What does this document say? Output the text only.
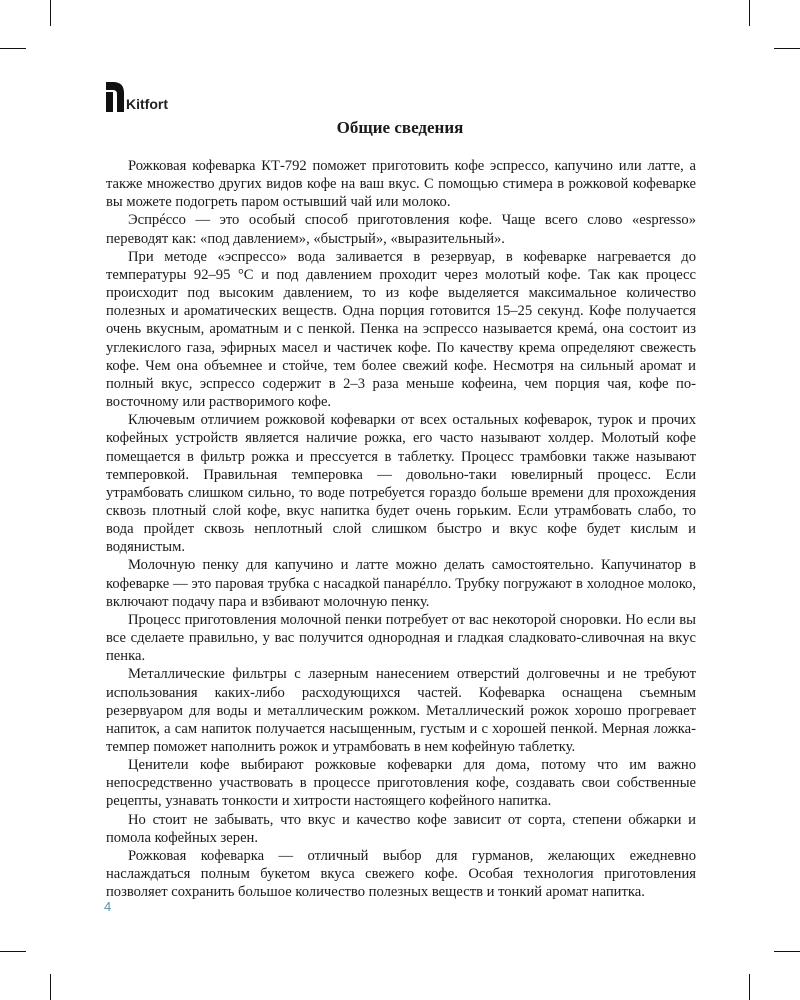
Kitfort
Общие сведения

Рожковая кофеварка КТ-792 поможет приготовить кофе эспрессо, капучино или латте, а также множество других видов кофе на ваш вкус. С помощью стимера в рожковой кофеварке вы можете подогреть паром остывший чай или молоко.

Эспрéссо — это особый способ приготовления кофе. Чаще всего слово «espresso» переводят как: «под давлением», «быстрый», «выразительный».

При методе «эспрессо» вода заливается в резервуар, в кофеварке нагревается до температуры 92–95 °С и под давлением проходит через молотый кофе. Так как процесс происходит под высоким давлением, то из кофе выделяется максимальное количество полезных и ароматических веществ. Одна порция готовится 15–25 секунд. Кофе получается очень вкусным, ароматным и с пенкой. Пенка на эспрессо называется кремá, она состоит из углекислого газа, эфирных масел и частичек кофе. По качеству крема определяют свежесть кофе. Чем она объемнее и стойче, тем более свежий кофе. Несмотря на сильный аромат и полный вкус, эспрессо содержит в 2–3 раза меньше кофеина, чем порция чая, кофе по-восточному или растворимого кофе.

Ключевым отличием рожковой кофеварки от всех остальных кофеварок, турок и прочих кофейных устройств является наличие рожка, его часто называют холдер. Молотый кофе помещается в фильтр рожка и прессуется в таблетку. Процесс трамбовки также называют темперовкой. Правильная темперовка — довольно-таки ювелирный процесс. Если утрамбовать слишком сильно, то воде потребуется гораздо больше времени для прохождения сквозь плотный слой кофе, вкус напитка будет очень горьким. Если утрамбовать слабо, то вода пройдет сквозь неплотный слой слишком быстро и вкус кофе будет кислым и водянистым.

Молочную пенку для капучино и латте можно делать самостоятельно. Капучинатор в кофеварке — это паровая трубка с насадкой панарéлло. Трубку погружают в холодное молоко, включают подачу пара и взбивают молочную пенку.

Процесс приготовления молочной пенки потребует от вас некоторой сноровки. Но если вы все сделаете правильно, у вас получится однородная и гладкая сладковато-сливочная на вкус пенка.

Металлические фильтры с лазерным нанесением отверстий долговечны и не требуют использования каких-либо расходующихся частей. Кофеварка оснащена съемным резервуаром для воды и металлическим рожком. Металлический рожок хорошо прогревает напиток, а сам напиток получается насыщенным, густым и с хорошей пенкой. Мерная ложка-темпер поможет наполнить рожок и утрамбовать в нем кофейную таблетку.

Ценители кофе выбирают рожковые кофеварки для дома, потому что им важно непосредственно участвовать в процессе приготовления кофе, создавать свои собственные рецепты, узнавать тонкости и хитрости настоящего кофейного напитка.

Но стоит не забывать, что вкус и качество кофе зависит от сорта, степени обжарки и помола кофейных зерен.

Рожковая кофеварка — отличный выбор для гурманов, желающих ежедневно наслаждаться полным букетом вкуса свежего кофе. Особая технология приготовления позволяет сохранить большое количество полезных веществ и тонкий аромат напитка.

4
